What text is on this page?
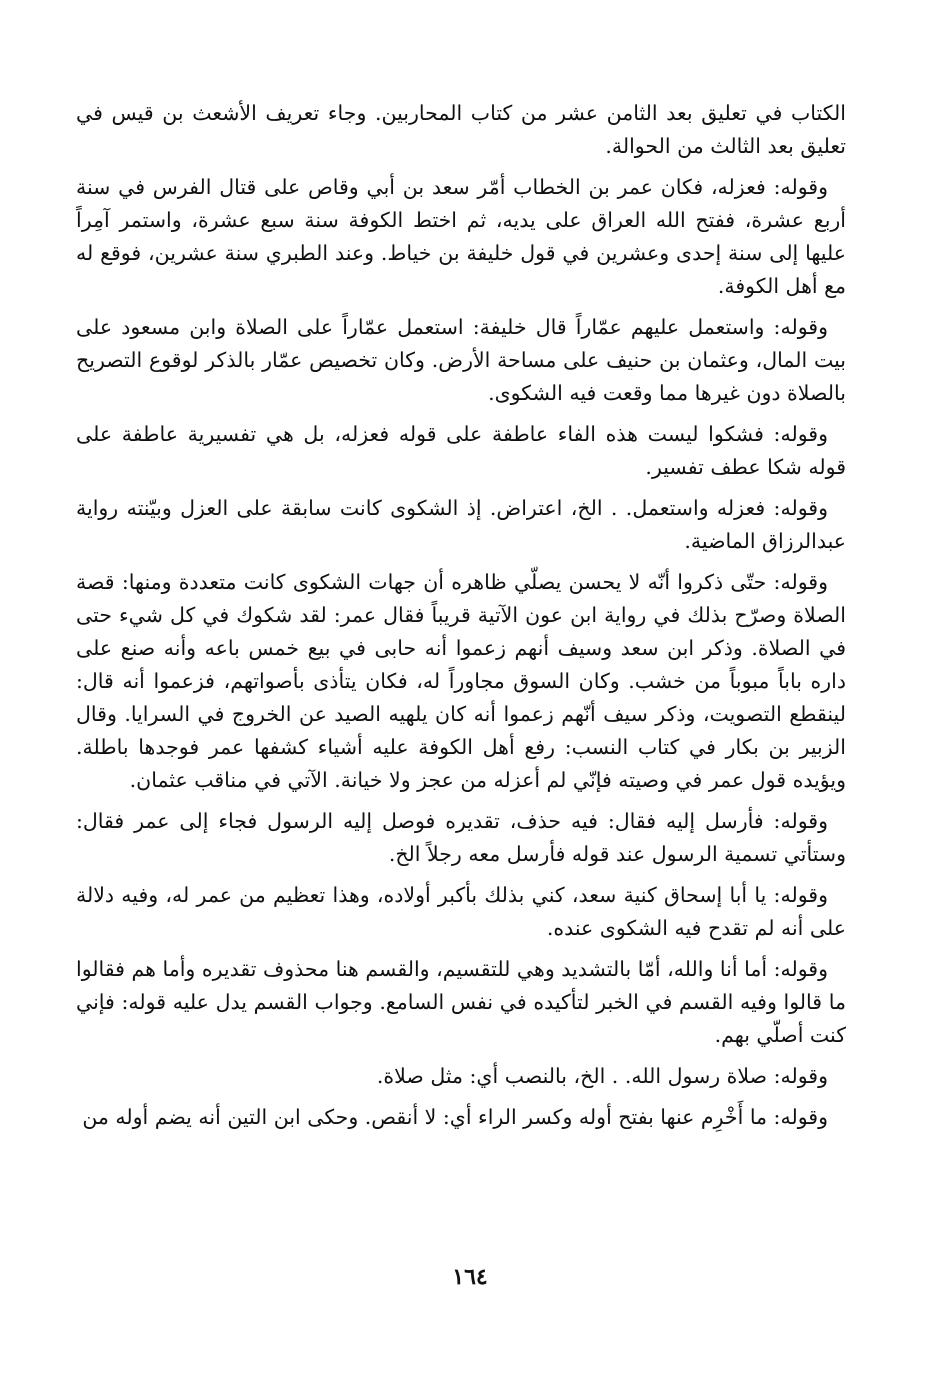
الكتاب في تعليق بعد الثامن عشر من كتاب المحاربين. وجاء تعريف الأشعث بن قيس في تعليق بعد الثالث من الحوالة.

وقوله: فعزله، فكان عمر بن الخطاب أمّر سعد بن أبي وقاص على قتال الفرس في سنة أربع عشرة، ففتح الله العراق على يديه، ثم اختط الكوفة سنة سبع عشرة، واستمر آمِراً عليها إلى سنة إحدى وعشرين في قول خليفة بن خياط. وعند الطبري سنة عشرين، فوقع له مع أهل الكوفة.

وقوله: واستعمل عليهم عمّاراً قال خليفة: استعمل عمّاراً على الصلاة وابن مسعود على بيت المال، وعثمان بن حنيف على مساحة الأرض. وكان تخصيص عمّار بالذكر لوقوع التصريح بالصلاة دون غيرها مما وقعت فيه الشكوى.

وقوله: فشكوا ليست هذه الفاء عاطفة على قوله فعزله، بل هي تفسيرية عاطفة على قوله شكا عطف تفسير.

وقوله: فعزله واستعمل. . الخ، اعتراض. إذ الشكوى كانت سابقة على العزل وبيّنته رواية عبدالرزاق الماضية.

وقوله: حتّى ذكروا أنّه لا يحسن يصلّي ظاهره أن جهات الشكوى كانت متعددة ومنها: قصة الصلاة وصرّح بذلك في رواية ابن عون الآتية قريباً فقال عمر: لقد شكوك في كل شيء حتى في الصلاة. وذكر ابن سعد وسيف أنهم زعموا أنه حابى في بيع خمس باعه وأنه صنع على داره باباً مبوباً من خشب. وكان السوق مجاوراً له، فكان يتأذى بأصواتهم، فزعموا أنه قال: لينقطع التصويت، وذكر سيف أنّهم زعموا أنه كان يلهيه الصيد عن الخروج في السرايا. وقال الزبير بن بكار في كتاب النسب: رفع أهل الكوفة عليه أشياء كشفها عمر فوجدها باطلة. ويؤيده قول عمر في وصيته فإنّي لم أعزله من عجز ولا خيانة. الآتي في مناقب عثمان.

وقوله: فأرسل إليه فقال: فيه حذف، تقديره فوصل إليه الرسول فجاء إلى عمر فقال: وستأتي تسمية الرسول عند قوله فأرسل معه رجلاً الخ.

وقوله: يا أبا إسحاق كنية سعد، كني بذلك بأكبر أولاده، وهذا تعظيم من عمر له، وفيه دلالة على أنه لم تقدح فيه الشكوى عنده.

وقوله: أما أنا والله، أمّا بالتشديد وهي للتقسيم، والقسم هنا محذوف تقديره وأما هم فقالوا ما قالوا وفيه القسم في الخبر لتأكيده في نفس السامع. وجواب القسم يدل عليه قوله: فإني كنت أصلّي بهم.

وقوله: صلاة رسول الله. . الخ، بالنصب أي: مثل صلاة.

وقوله: ما أَخْرِم عنها بفتح أوله وكسر الراء أي: لا أنقص. وحكى ابن التين أنه يضم أوله من

١٦٤
